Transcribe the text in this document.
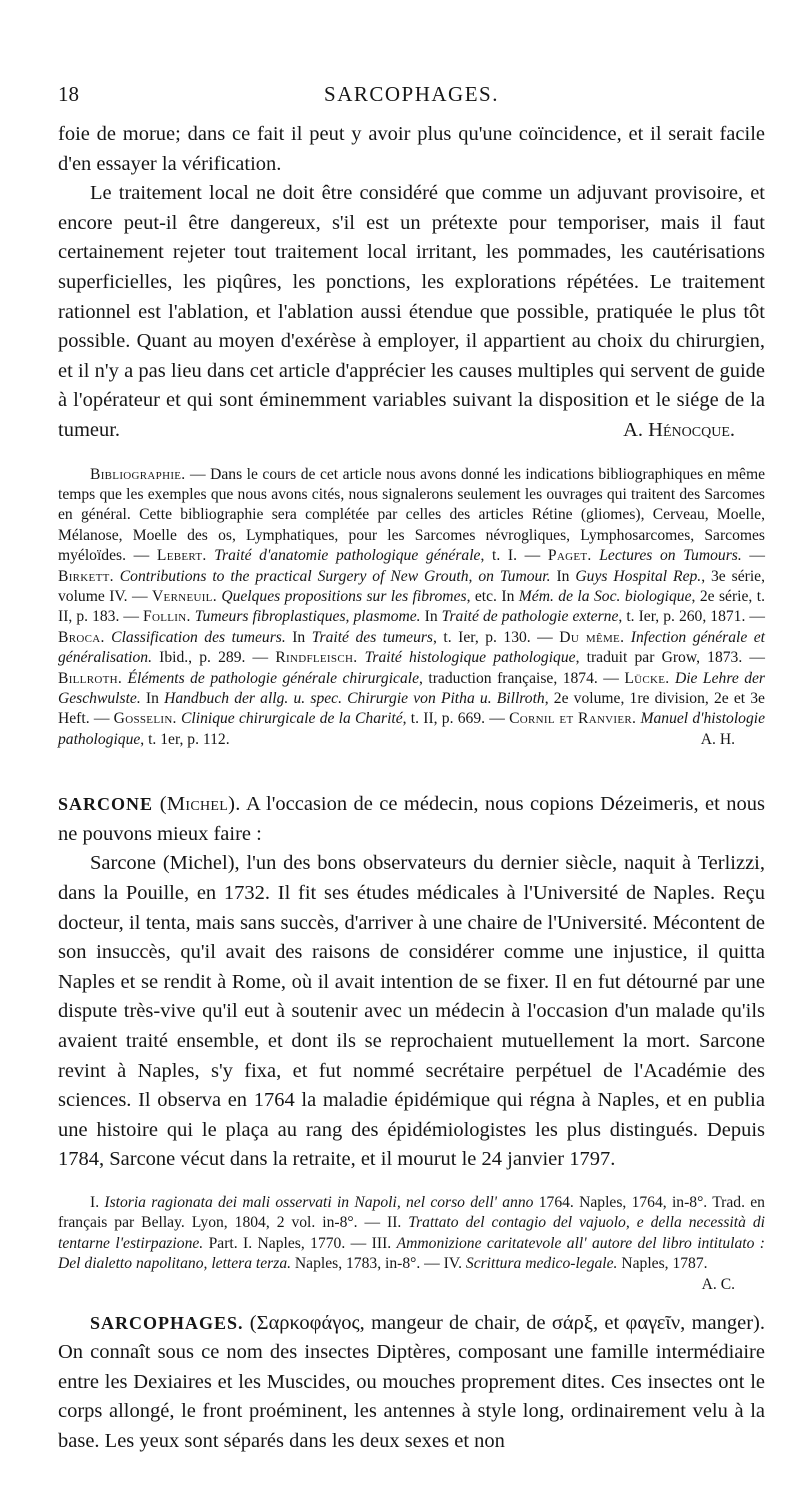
18	SARCOPHAGES.

foie de morue; dans ce fait il peut y avoir plus qu'une coïncidence, et il serait facile d'en essayer la vérification.

Le traitement local ne doit être considéré que comme un adjuvant provisoire, et encore peut-il être dangereux, s'il est un prétexte pour temporiser, mais il faut certainement rejeter tout traitement local irritant, les pommades, les cautérisations superficielles, les piqûres, les ponctions, les explorations répétées. Le traitement rationnel est l'ablation, et l'ablation aussi étendue que possible, pratiquée le plus tôt possible. Quant au moyen d'exérèse à employer, il appartient au choix du chirurgien, et il n'y a pas lieu dans cet article d'apprécier les causes multiples qui servent de guide à l'opérateur et qui sont éminemment variables suivant la disposition et le siége de la tumeur.	A. Hénocque.

Bibliographie. — Dans le cours de cet article nous avons donné les indications bibliographiques en même temps que les exemples que nous avons cités, nous signalerons seulement les ouvrages qui traitent des Sarcomes en général. Cette bibliographie sera complétée par celles des articles Rétine (gliomes), Cerveau, Moelle, Mélanose, Moelle des os, Lymphatiques, pour les Sarcomes névrogliques, Lymphosarcomes, Sarcomes myéloïdes. — Lebert. Traité d'anatomie pathologique générale, t. I. — Paget. Lectures on Tumours. — Birkett. Contributions to the practical Surgery of New Grouth, on Tumour. In Guys Hospital Rep., 3e série, volume IV. — Verneuil. Quelques propositions sur les fibromes, etc. In Mém. de la Soc. biologique, 2e série, t. II, p. 183. — Follin. Tumeurs fibroplastiques, plasmome. In Traité de pathologie externe, t. Ier, p. 260, 1871. — Broca. Classification des tumeurs. In Traité des tumeurs, t. Ier, p. 130. — Du même. Infection générale et généralisation. Ibid., p. 289. — Rindfleisch. Traité histologique pathologique, traduit par Grow, 1873. — Billroth. Éléments de pathologie générale chirurgicale, traduction française, 1874. — Lücke. Die Lehre der Geschwulste. In Handbuch der allg. u. spec. Chirurgie von Pitha u. Billroth, 2e volume, 1re division, 2e et 3e Heft. — Gosselin. Clinique chirurgicale de la Charité, t. II, p. 669. — Cornil et Ranvier. Manuel d'histologie pathologique, t. 1er, p. 112.	A. H.

SARCONE (Michel). A l'occasion de ce médecin, nous copions Dézeimeris, et nous ne pouvons mieux faire :

Sarcone (Michel), l'un des bons observateurs du dernier siècle, naquit à Terlizzi, dans la Pouille, en 1732. Il fit ses études médicales à l'Université de Naples. Reçu docteur, il tenta, mais sans succès, d'arriver à une chaire de l'Université. Mécontent de son insuccès, qu'il avait des raisons de considérer comme une injustice, il quitta Naples et se rendit à Rome, où il avait intention de se fixer. Il en fut détourné par une dispute très-vive qu'il eut à soutenir avec un médecin à l'occasion d'un malade qu'ils avaient traité ensemble, et dont ils se reprochaient mutuellement la mort. Sarcone revint à Naples, s'y fixa, et fut nommé secrétaire perpétuel de l'Académie des sciences. Il observa en 1764 la maladie épidémique qui régna à Naples, et en publia une histoire qui le plaça au rang des épidémiologistes les plus distingués. Depuis 1784, Sarcone vécut dans la retraite, et il mourut le 24 janvier 1797.

I. Istoria ragionata dei mali osservati in Napoli, nel corso dell' anno 1764. Naples, 1764, in-8°. Trad. en français par Bellay. Lyon, 1804, 2 vol. in-8°. — II. Trattato del contagio del vajuolo, e della necessità di tentarne l'estirpazione. Part. I. Naples, 1770. — III. Ammonizione caritatevole all' autore del libro intitulato : Del dialetto napolitano, lettera terza. Naples, 1783, in-8°. — IV. Scrittura medico-legale. Naples, 1787.
A. C.

SARCOPHAGES. (Σαρκοφάγος, mangeur de chair, de σάρξ, et φαγεῖν, manger). On connaît sous ce nom des insectes Diptères, composant une famille intermédiaire entre les Dexiaires et les Muscides, ou mouches proprement dites. Ces insectes ont le corps allongé, le front proéminent, les antennes à style long, ordinairement velu à la base. Les yeux sont séparés dans les deux sexes et non
